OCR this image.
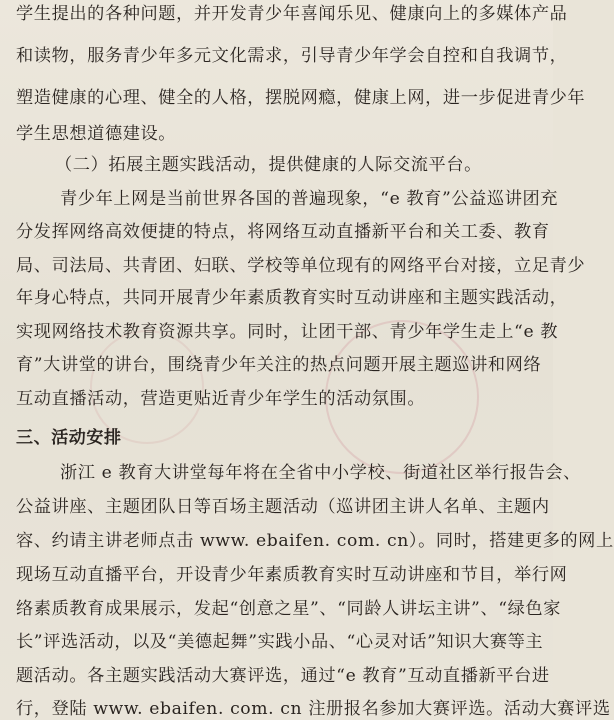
学生提出的各种问题，并开发青少年喜闻乐见、健康向上的多媒体产品
和读物，服务青少年多元文化需求，引导青少年学会自控和自我调节，
塑造健康的心理、健全的人格，摆脱网瘾，健康上网，进一步促进青少年
学生思想道德建设。
（二）拓展主题实践活动，提供健康的人际交流平台。
青少年上网是当前世界各国的普遍现象，“e 教育”公益巡讲团充
分发挥网络高效便捷的特点，将网络互动直播新平台和关工委、教育
局、司法局、共青团、妇联、学校等单位现有的网络平台对接，立足青少
年身心特点，共同开展青少年素质教育实时互动讲座和主题实践活动，
实现网络技术教育资源共享。同时，让团干部、青少年学生走上“e 教
育”大讲堂的讲台，围绕青少年关注的热点问题开展主题巡讲和网络
互动直播活动，营造更贴近青少年学生的活动氛围。
三、活动安排
浙江 e 教育大讲堂每年将在全省中小学校、街道社区举行报告会、
公益讲座、主题团队日等百场主题活动（巡讲团主讲人名单、主题内
容、约请主讲老师点击 www. ebaifen. com. cn）。同时，搭建更多的网上
现场互动直播平台，开设青少年素质教育实时互动讲座和节目，举行网
络素质教育成果展示，发起“创意之星”、“同龄人讲坛主讲”、“绿色家
长”评选活动，以及“美德起舞”实践小品、“心灵对话”知识大赛等主
题活动。各主题实践活动大赛评选，通过“e 教育”互动直播新平台进
行，登陆 www. ebaifen. com. cn 注册报名参加大赛评选。活动大赛评选
